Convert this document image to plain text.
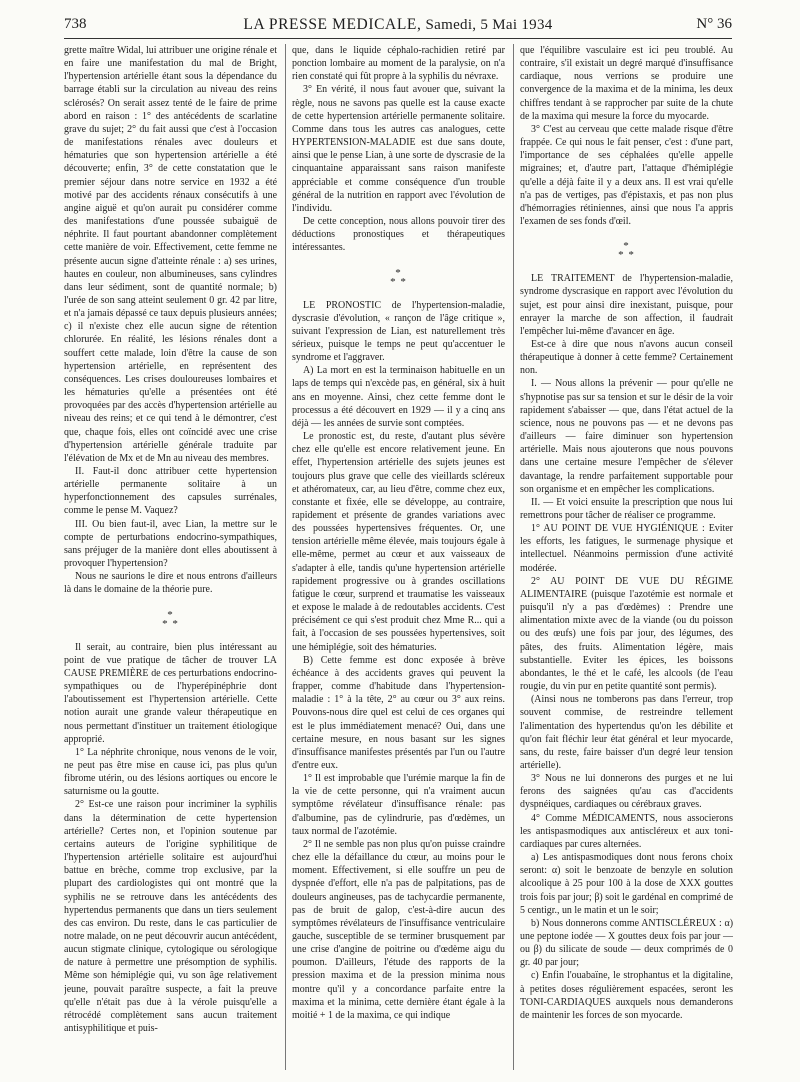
738	LA PRESSE MEDICALE, Samedi, 5 Mai 1934	N° 36

grette maître Widal, lui attribuer une origine rénale et en faire une manifestation du mal de Bright, l'hypertension artérielle étant sous la dépendance du barrage établi sur la circulation au niveau des reins sclérosés? On serait assez tenté de le faire de prime abord en raison : 1° des antécédents de scarlatine grave du sujet; 2° du fait aussi que c'est à l'occasion de manifestations rénales avec douleurs et hématuries que son hypertension artérielle a été découverte; enfin, 3° de cette constatation que le premier séjour dans notre service en 1932 a été motivé par des accidents rénaux consécutifs à une angine aiguë et qu'on aurait pu considérer comme des manifestations d'une poussée subaiguë de néphrite. Il faut pourtant abandonner complètement cette manière de voir. Effectivement, cette femme ne présente aucun signe d'atteinte rénale : a) ses urines, hautes en couleur, non albumineuses, sans cylindres dans leur sédiment, sont de quantité normale; b) l'urée de son sang atteint seulement 0 gr. 42 par litre, et n'a jamais dépassé ce taux depuis plusieurs années; c) il n'existe chez elle aucun signe de rétention chlorurée. En réalité, les lésions rénales dont a souffert cette malade, loin d'être la cause de son hypertension artérielle, en représentent des conséquences. Les crises douloureuses lombaires et les hématuries qu'elle a présentées ont été provoquées par des accès d'hypertension artérielle au niveau des reins; et ce qui tend à le démontrer, c'est que, chaque fois, elles ont coïncidé avec une crise d'hypertension artérielle générale traduite par l'élévation de Mx et de Mn au niveau des membres.

II. Faut-il donc attribuer cette hypertension artérielle permanente solitaire à un hyperfonctionnement des capsules surrénales, comme le pense M. Vaquez?

III. Ou bien faut-il, avec Lian, la mettre sur le compte de perturbations endocrino-sympathiques, sans préjuger de la manière dont elles aboutissent à provoquer l'hypertension?

Nous ne saurions le dire et nous entrons d'ailleurs là dans le domaine de la théorie pure.

*
* *

Il serait, au contraire, bien plus intéressant au point de vue pratique de tâcher de trouver LA CAUSE PREMIÈRE de ces perturbations endocrino-sympathiques ou de l'hyperépinéphrie dont l'aboutissement est l'hypertension artérielle. Cette notion aurait une grande valeur thérapeutique en nous permettant d'instituer un traitement étiologique approprié.

1° La néphrite chronique, nous venons de le voir, ne peut pas être mise en cause ici, pas plus qu'un fibrome utérin, ou des lésions aortiques ou encore le saturnisme ou la goutte.

2° Est-ce une raison pour incriminer la syphilis dans la détermination de cette hypertension artérielle? Certes non, et l'opinion soutenue par certains auteurs de l'origine syphilitique de l'hypertension artérielle solitaire est aujourd'hui battue en brèche, comme trop exclusive, par la plupart des cardiologistes qui ont montré que la syphilis ne se retrouve dans les antécédents des hypertendus permanents que dans un tiers seulement des cas environ. Du reste, dans le cas particulier de notre malade, on ne peut découvrir aucun antécédent, aucun stigmate clinique, cytologique ou sérologique de nature à permettre une présomption de syphilis. Même son hémiplégie qui, vu son âge relativement jeune, pouvait paraître suspecte, a fait la preuve qu'elle n'était pas due à la vérole puisqu'elle a rétrocédé complètement sans aucun traitement antisyphilitique et puis-

que, dans le liquide céphalo-rachidien retiré par ponction lombaire au moment de la paralysie, on n'a rien constaté qui fût propre à la syphilis du névraxe.

3° En vérité, il nous faut avouer que, suivant la règle, nous ne savons pas quelle est la cause exacte de cette hypertension artérielle permanente solitaire. Comme dans tous les autres cas analogues, cette HYPERTENSION-MALADIE est due sans doute, ainsi que le pense Lian, à une sorte de dyscrasie de la cinquantaine apparaissant sans raison manifeste appréciable et comme conséquence d'un trouble général de la nutrition en rapport avec l'évolution de l'individu.

De cette conception, nous allons pouvoir tirer des déductions pronostiques et thérapeutiques intéressantes.

*
* *

LE PRONOSTIC de l'hypertension-maladie, dyscrasie d'évolution, « rançon de l'âge critique », suivant l'expression de Lian, est naturellement très sérieux, puisque le temps ne peut qu'accentuer le syndrome et l'aggraver.

A) La mort en est la terminaison habituelle en un laps de temps qui n'excède pas, en général, six à huit ans en moyenne. Ainsi, chez cette femme dont le processus a été découvert en 1929 — il y a cinq ans déjà — les années de survie sont comptées.

Le pronostic est, du reste, d'autant plus sévère chez elle qu'elle est encore relativement jeune. En effet, l'hypertension artérielle des sujets jeunes est toujours plus grave que celle des vieillards scléreux et athéromateux, car, au lieu d'être, comme chez eux, constante et fixée, elle se développe, au contraire, rapidement et présente de grandes variations avec des poussées hypertensives fréquentes. Or, une tension artérielle même élevée, mais toujours égale à elle-même, permet au cœur et aux vaisseaux de s'adapter à elle, tandis qu'une hypertension artérielle rapidement progressive ou à grandes oscillations fatigue le cœur, surprend et traumatise les vaisseaux et expose le malade à de redoutables accidents. C'est précisément ce qui s'est produit chez Mme R... qui a fait, à l'occasion de ses poussées hypertensives, soit une hémiplégie, soit des hématuries.

B) Cette femme est donc exposée à brève échéance à des accidents graves qui peuvent la frapper, comme d'habitude dans l'hypertension-maladie : 1° à la tête, 2° au cœur ou 3° aux reins. Pouvons-nous dire quel est celui de ces organes qui est le plus immédiatement menacé? Oui, dans une certaine mesure, en nous basant sur les signes d'insuffisance manifestes présentés par l'un ou l'autre d'entre eux.

1° Il est improbable que l'urémie marque la fin de la vie de cette personne, qui n'a vraiment aucun symptôme révélateur d'insuffisance rénale: pas d'albumine, pas de cylindrurie, pas d'œdèmes, un taux normal de l'azotémie.

2° Il ne semble pas non plus qu'on puisse craindre chez elle la défaillance du cœur, au moins pour le moment. Effectivement, si elle souffre un peu de dyspnée d'effort, elle n'a pas de palpitations, pas de douleurs angineuses, pas de tachycardie permanente, pas de bruit de galop, c'est-à-dire aucun des symptômes révélateurs de l'insuffisance ventriculaire gauche, susceptible de se terminer brusquement par une crise d'angine de poitrine ou d'œdème aigu du poumon. D'ailleurs, l'étude des rapports de la pression maxima et de la pression minima nous montre qu'il y a concordance parfaite entre la maxima et la minima, cette dernière étant égale à la moitié + 1 de la maxima, ce qui indique

que l'équilibre vasculaire est ici peu troublé. Au contraire, s'il existait un degré marqué d'insuffisance cardiaque, nous verrions se produire une convergence de la maxima et de la minima, les deux chiffres tendant à se rapprocher par suite de la chute de la maxima qui mesure la force du myocarde.

3° C'est au cerveau que cette malade risque d'être frappée. Ce qui nous le fait penser, c'est : d'une part, l'importance de ses céphalées qu'elle appelle migraines; et, d'autre part, l'attaque d'hémiplégie qu'elle a déjà faite il y a deux ans. Il est vrai qu'elle n'a pas de vertiges, pas d'épistaxis, et pas non plus d'hémorragies rétiniennes, ainsi que nous l'a appris l'examen de ses fonds d'œil.

*
* *

LE TRAITEMENT de l'hypertension-maladie, syndrome dyscrasique en rapport avec l'évolution du sujet, est pour ainsi dire inexistant, puisque, pour enrayer la marche de son affection, il faudrait l'empêcher lui-même d'avancer en âge.

Est-ce à dire que nous n'avons aucun conseil thérapeutique à donner à cette femme? Certainement non.

I. — Nous allons la prévenir — pour qu'elle ne s'hypnotise pas sur sa tension et sur le désir de la voir rapidement s'abaisser — que, dans l'état actuel de la science, nous ne pouvons pas — et ne devons pas d'ailleurs — faire diminuer son hypertension artérielle. Mais nous ajouterons que nous pouvons dans une certaine mesure l'empêcher de s'élever davantage, la rendre parfaitement supportable pour son organisme et en empêcher les complications.

II. — Et voici ensuite la prescription que nous lui remettrons pour tâcher de réaliser ce programme.

1° AU POINT DE VUE HYGIÉNIQUE : Eviter les efforts, les fatigues, le surmenage physique et intellectuel. Néanmoins permission d'une activité modérée.

2° AU POINT DE VUE DU RÉGIME ALIMENTAIRE (puisque l'azotémie est normale et puisqu'il n'y a pas d'œdèmes) : Prendre une alimentation mixte avec de la viande (ou du poisson ou des œufs) une fois par jour, des légumes, des pâtes, des fruits. Alimentation légère, mais substantielle. Eviter les épices, les boissons abondantes, le thé et le café, les alcools (de l'eau rougie, du vin pur en petite quantité sont permis).

(Ainsi nous ne tomberons pas dans l'erreur, trop souvent commise, de restreindre tellement l'alimentation des hypertendus qu'on les débilite et qu'on fait fléchir leur état général et leur myocarde, sans, du reste, faire baisser d'un degré leur tension artérielle).

3° Nous ne lui donnerons des purges et ne lui ferons des saignées qu'au cas d'accidents dyspnéiques, cardiaques ou cérébraux graves.

4° Comme MÉDICAMENTS, nous associerons les antispasmodiques aux antiscléreux et aux toni-cardiaques par cures alternées.

a) Les antispasmodiques dont nous ferons choix seront: α) soit le benzoate de benzyle en solution alcoolique à 25 pour 100 à la dose de XXX gouttes trois fois par jour; β) soit le gardénal en comprimé de 5 centigr., un le matin et un le soir;

b) Nous donnerons comme ANTISCLÉREUX : α) une peptone iodée — X gouttes deux fois par jour — ou β) du silicate de soude — deux comprimés de 0 gr. 40 par jour;

c) Enfin l'ouabaïne, le strophantus et la digitaline, à petites doses régulièrement espacées, seront les TONI-CARDIAQUES auxquels nous demanderons de maintenir les forces de son myocarde.
